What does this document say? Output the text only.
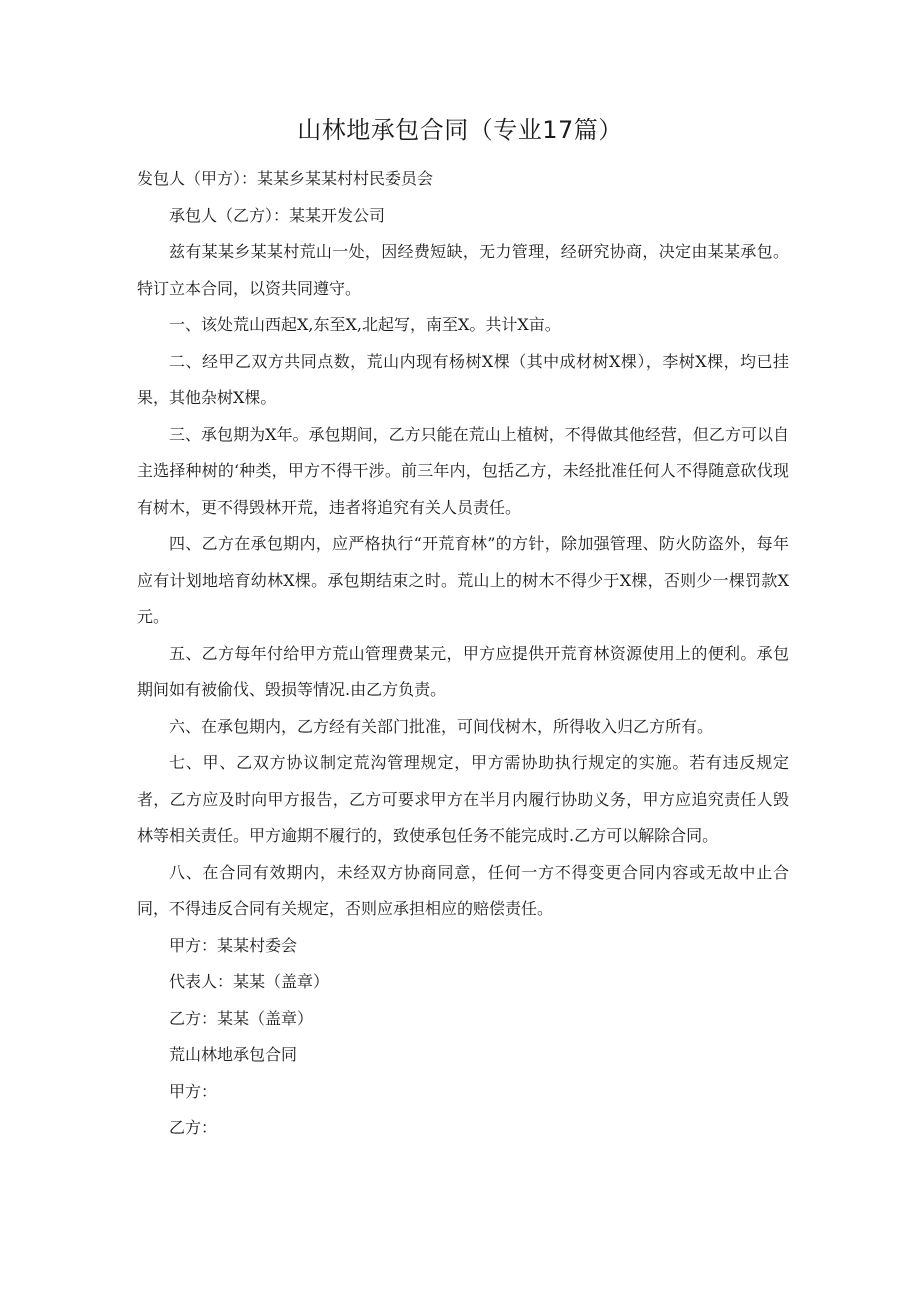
山林地承包合同（专业17篇）

发包人（甲方）：某某乡某某村村民委员会

承包人（乙方）：某某开发公司

兹有某某乡某某村荒山一处，因经费短缺，无力管理，经研究协商，决定由某某承包。特订立本合同，以资共同遵守。

一、该处荒山西起X,东至X,北起写，南至X。共计X亩。

二、经甲乙双方共同点数，荒山内现有杨树X棵（其中成材树X棵），李树X棵，均已挂果，其他杂树X棵。

三、承包期为X年。承包期间，乙方只能在荒山上植树，不得做其他经营，但乙方可以自主选择种树的‘种类，甲方不得干涉。前三年内，包括乙方，未经批准任何人不得随意砍伐现有树木，更不得毁林开荒，违者将追究有关人员责任。

四、乙方在承包期内，应严格执行“开荒育林”的方针，除加强管理、防火防盗外，每年应有计划地培育幼林X棵。承包期结束之时。荒山上的树木不得少于X棵，否则少一棵罚款X元。

五、乙方每年付给甲方荒山管理费某元，甲方应提供开荒育林资源使用上的便利。承包期间如有被偷伐、毁损等情况.由乙方负责。

六、在承包期内，乙方经有关部门批准，可间伐树木，所得收入归乙方所有。

七、甲、乙双方协议制定荒沟管理规定，甲方需协助执行规定的实施。若有违反规定者，乙方应及时向甲方报告，乙方可要求甲方在半月内履行协助义务，甲方应追究责任人毁林等相关责任。甲方逾期不履行的，致使承包任务不能完成时.乙方可以解除合同。

八、在合同有效期内，未经双方协商同意，任何一方不得变更合同内容或无故中止合同，不得违反合同有关规定，否则应承担相应的赔偿责任。

甲方：某某村委会

代表人：某某（盖章）

乙方：某某（盖章）

荒山林地承包合同

甲方：

乙方：
